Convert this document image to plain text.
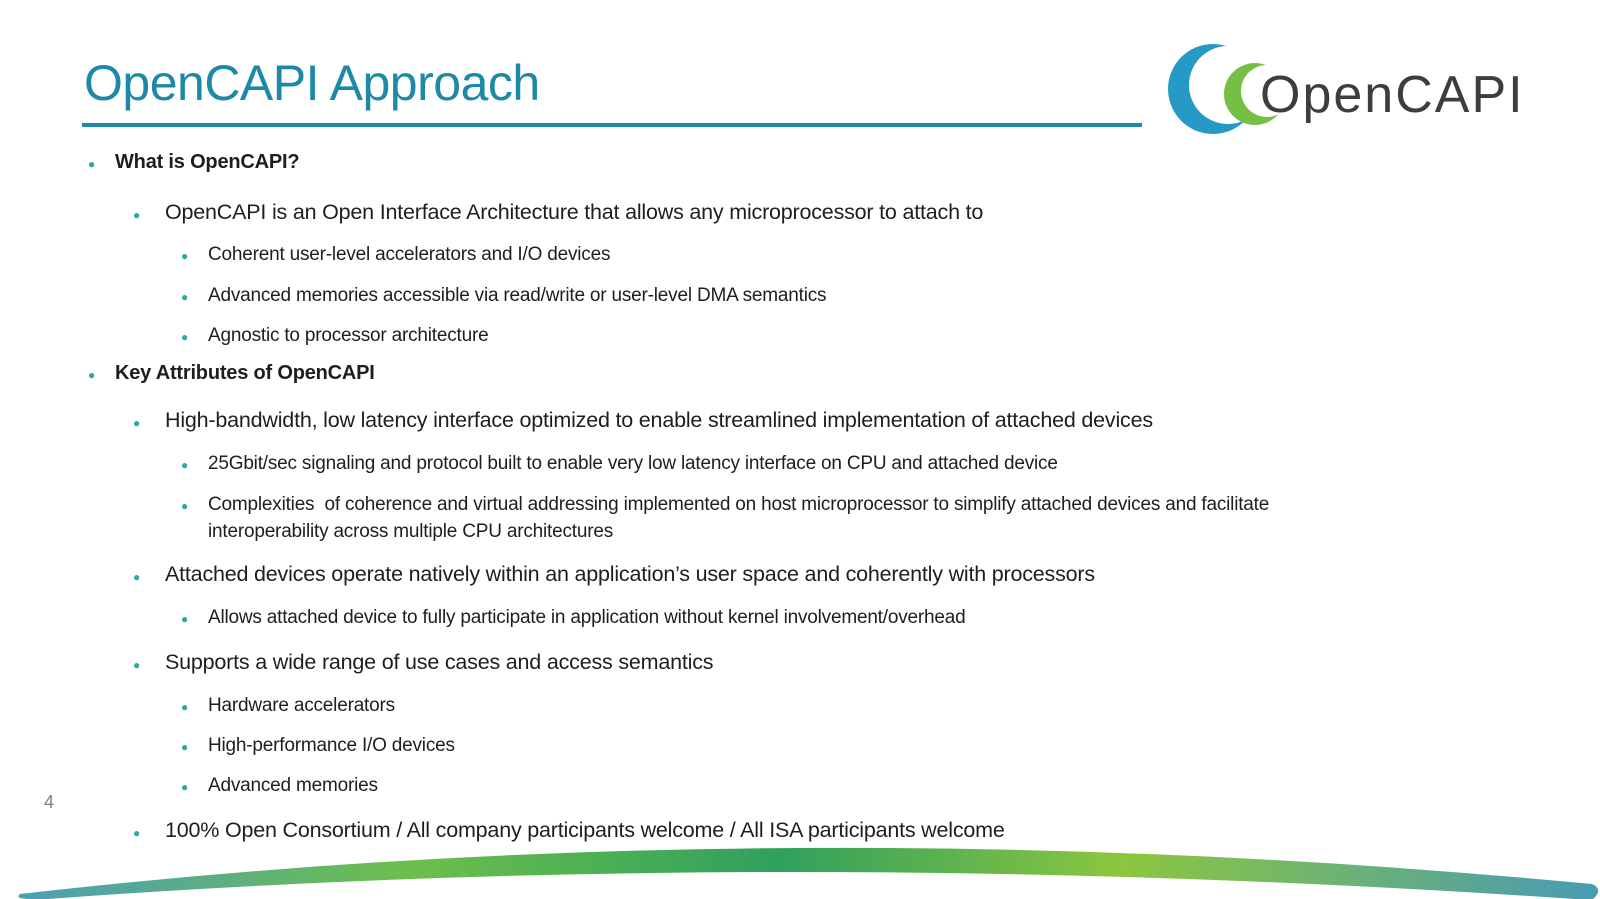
OpenCAPI Approach	OpenCAPI
● What is OpenCAPI?
●	OpenCAPI is an Open Interface Architecture that allows any microprocessor to attach to
●	Coherent user-level accelerators and I/O devices
●	Advanced memories accessible via read/write or user-level DMA semantics
●	Agnostic to processor architecture
● Key Attributes of OpenCAPI
●	High-bandwidth, low latency interface optimized to enable streamlined implementation of attached devices
●	25Gbit/sec signaling and protocol built to enable very low latency interface on CPU and attached device
●	Complexities  of coherence and virtual addressing implemented on host microprocessor to simplify attached devices and facilitate interoperability across multiple CPU architectures
●	Attached devices operate natively within an application’s user space and coherently with processors
●	Allows attached device to fully participate in application without kernel involvement/overhead
●	Supports a wide range of use cases and access semantics
●	Hardware accelerators
●	High-performance I/O devices
●	Advanced memories
●	100% Open Consortium / All company participants welcome / All ISA participants welcome
4
